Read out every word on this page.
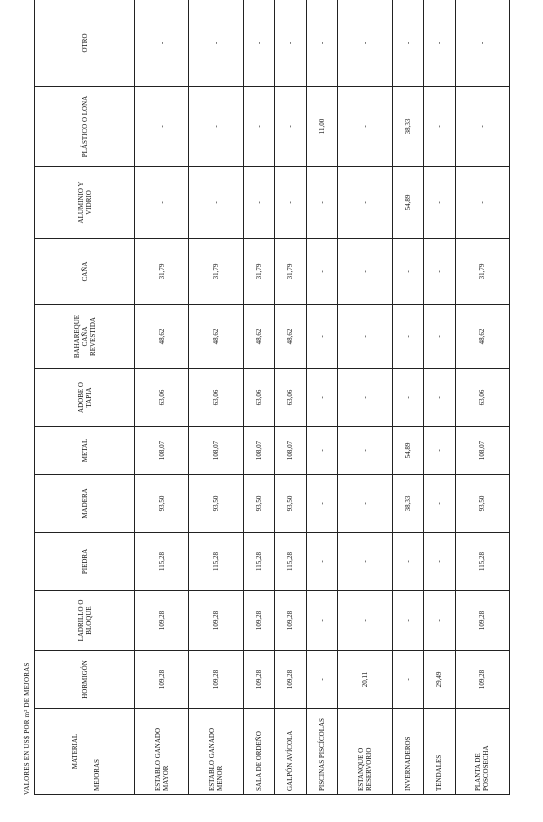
VALORES EN US$ POR m² DE MEJORAS	MATERIAL
MEJORAS	HORMIGÓN	LADRILLO O BLOQUE	PIEDRA	MADERA	METAL	ADOBE O TAPIA	BAHAREQUE CAÑA REVESTIDA	CAÑA	ALUMINIO Y VIDRIO	PLÁSTICO O LONA	OTRO
ESTABLO GANADO MAYOR	109,28	109,28	115,28	93,50	108,07	63,06	48,62	31,79	-	-	-
ESTABLO GANADO MENOR	109,28	109,28	115,28	93,50	108,07	63,06	48,62	31,79	-	-	-
SALA DE ORDEÑO	109,28	109,28	115,28	93,50	108,07	63,06	48,62	31,79	-	-	-
GALPÓN AVÍCOLA	109,28	109,28	115,28	93,50	108,07	63,06	48,62	31,79	-	-	-
PISCINAS PISCÍCOLAS	-	-	-	-	-	-	-	-	-	11,00	-
ESTANQUE O RESERVORIO	20,11	-	-	-	-	-	-	-	-	-	-
INVERNADEROS	-	-	-	38,33	54,89	-	-	-	54,89	38,33	-
TENDALES	29,49	-	-	-	-	-	-	-	-	-	-
PLANTA DE POSCOSECHA	109,28	109,28	115,28	93,50	108,07	63,06	48,62	31,79	-	-	-
